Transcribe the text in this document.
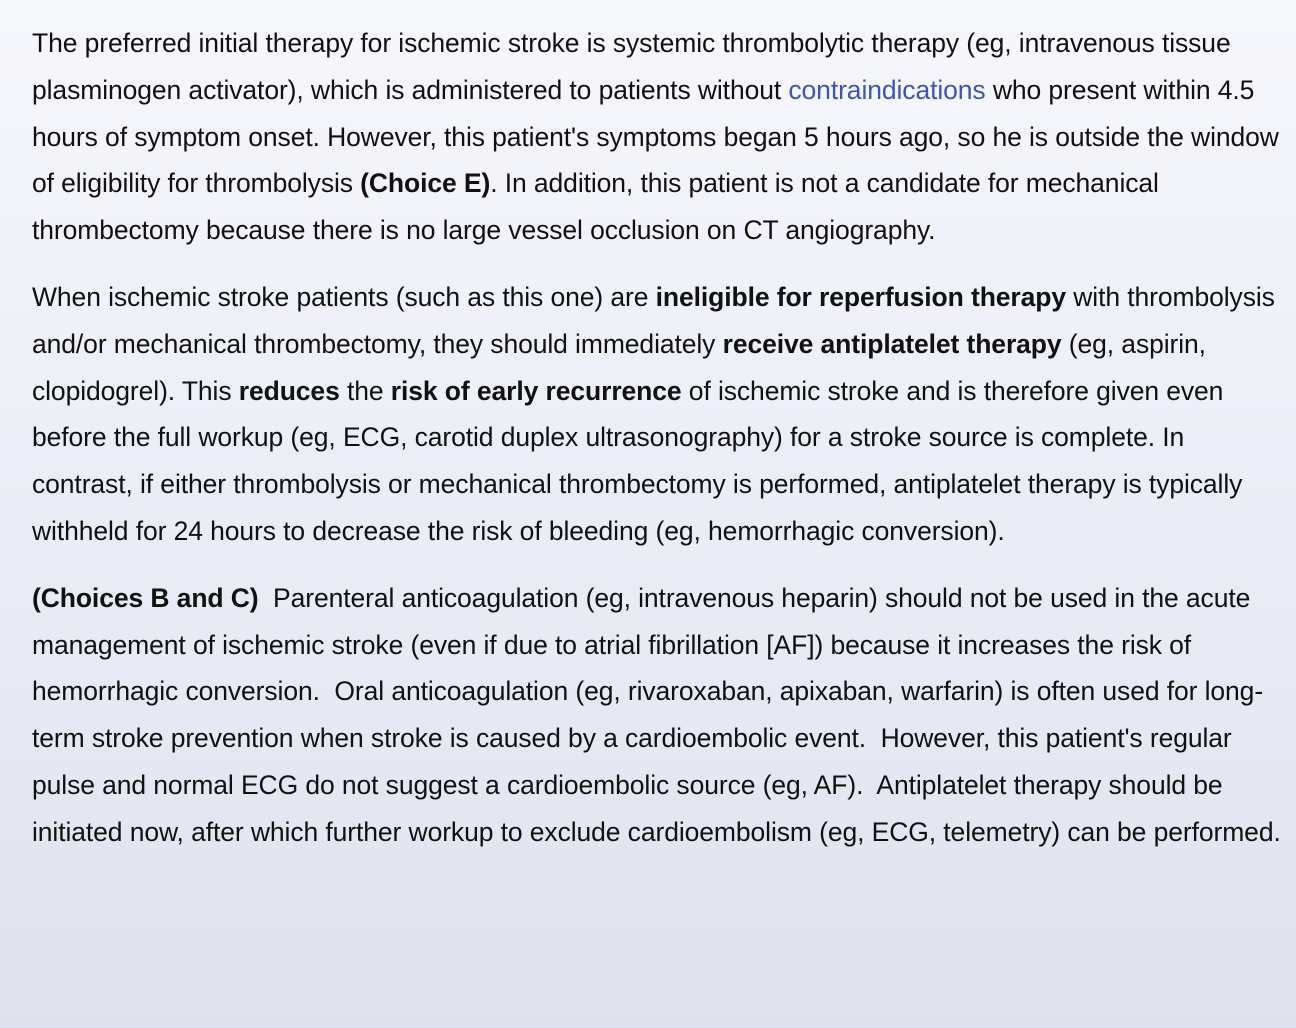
The preferred initial therapy for ischemic stroke is systemic thrombolytic therapy (eg, intravenous tissue plasminogen activator), which is administered to patients without contraindications who present within 4.5 hours of symptom onset. However, this patient's symptoms began 5 hours ago, so he is outside the window of eligibility for thrombolysis (Choice E). In addition, this patient is not a candidate for mechanical thrombectomy because there is no large vessel occlusion on CT angiography.

When ischemic stroke patients (such as this one) are ineligible for reperfusion therapy with thrombolysis and/or mechanical thrombectomy, they should immediately receive antiplatelet therapy (eg, aspirin, clopidogrel). This reduces the risk of early recurrence of ischemic stroke and is therefore given even before the full workup (eg, ECG, carotid duplex ultrasonography) for a stroke source is complete. In contrast, if either thrombolysis or mechanical thrombectomy is performed, antiplatelet therapy is typically withheld for 24 hours to decrease the risk of bleeding (eg, hemorrhagic conversion).

(Choices B and C)  Parenteral anticoagulation (eg, intravenous heparin) should not be used in the acute management of ischemic stroke (even if due to atrial fibrillation [AF]) because it increases the risk of hemorrhagic conversion.  Oral anticoagulation (eg, rivaroxaban, apixaban, warfarin) is often used for long-term stroke prevention when stroke is caused by a cardioembolic event.  However, this patient's regular pulse and normal ECG do not suggest a cardioembolic source (eg, AF).  Antiplatelet therapy should be initiated now, after which further workup to exclude cardioembolism (eg, ECG, telemetry) can be performed.
